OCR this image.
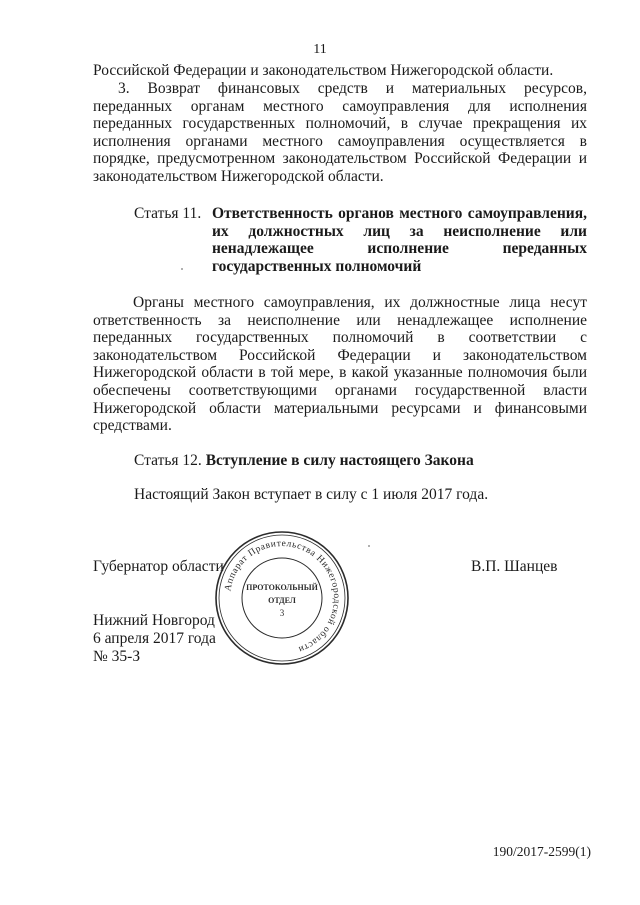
11
Российской Федерации и законодательством Нижегородской области.
3. Возврат финансовых средств и материальных ресурсов,
переданных органам местного самоуправления для исполнения
переданных государственных полномочий, в случае прекращения их
исполнения органами местного самоуправления осуществляется в
порядке, предусмотренном законодательством Российской Федерации и
законодательством Нижегородской области.
Статья 11. Ответственность органов местного самоуправления,
их должностных лиц за неисполнение или
ненадлежащее исполнение переданных
государственных полномочий
Органы местного самоуправления, их должностные лица несут
ответственность за неисполнение или ненадлежащее исполнение
переданных государственных полномочий в соответствии с
законодательством Российской Федерации и законодательством
Нижегородской области в той мере, в какой указанные полномочия были
обеспечены соответствующими органами государственной власти
Нижегородской области материальными ресурсами и финансовыми
средствами.
Статья 12. Вступление в силу настоящего Закона
Настоящий Закон вступает в силу с 1 июля 2017 года.
Губернатор области	В.П. Шанцев
Нижний Новгород
6 апреля 2017 года
№ 35-З
Аппарат Правительства Нижегородской области
ПРОТОКОЛЬНЫЙ
ОТДЕЛ
3
190/2017-2599(1)
